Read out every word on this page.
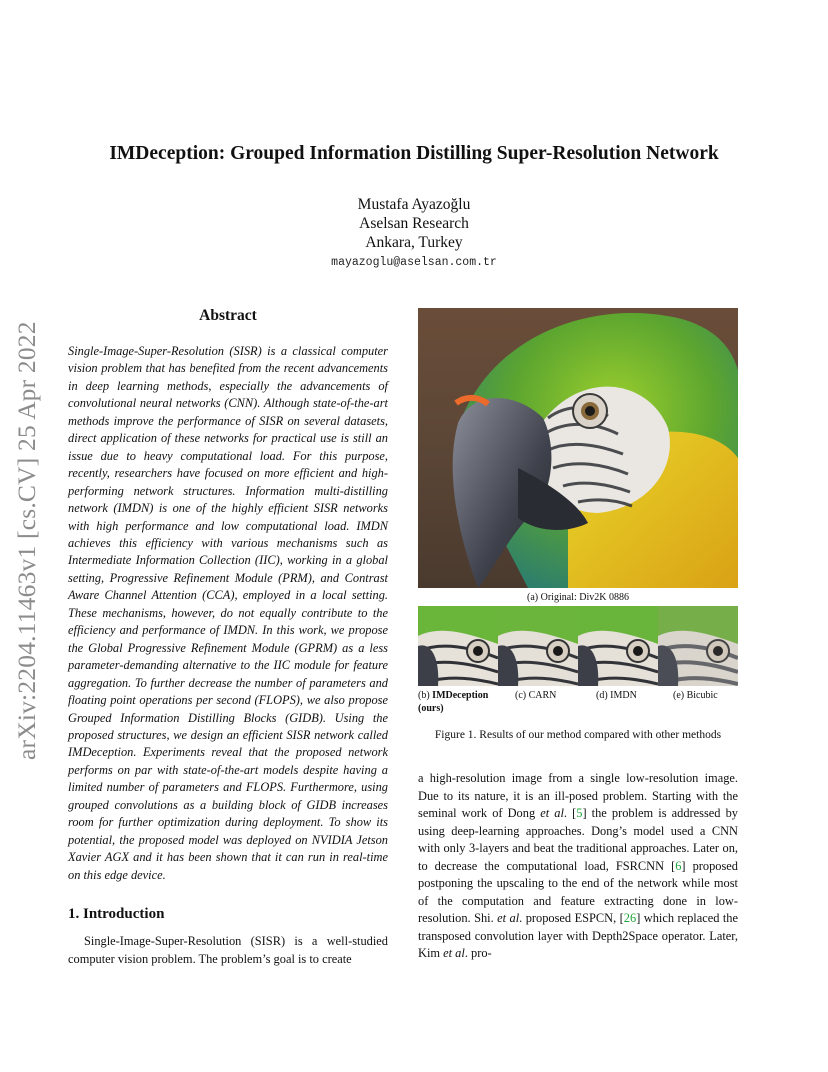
arXiv:2204.11463v1 [cs.CV] 25 Apr 2022
IMDeception: Grouped Information Distilling Super-Resolution Network
Mustafa Ayazoğlu
Aselsan Research
Ankara, Turkey
mayazoglu@aselsan.com.tr
Abstract
Single-Image-Super-Resolution (SISR) is a classical computer vision problem that has benefited from the recent advancements in deep learning methods, especially the advancements of convolutional neural networks (CNN). Although state-of-the-art methods improve the performance of SISR on several datasets, direct application of these networks for practical use is still an issue due to heavy computational load. For this purpose, recently, researchers have focused on more efficient and high-performing network structures. Information multi-distilling network (IMDN) is one of the highly efficient SISR networks with high performance and low computational load. IMDN achieves this efficiency with various mechanisms such as Intermediate Information Collection (IIC), working in a global setting, Progressive Refinement Module (PRM), and Contrast Aware Channel Attention (CCA), employed in a local setting. These mechanisms, however, do not equally contribute to the efficiency and performance of IMDN. In this work, we propose the Global Progressive Refinement Module (GPRM) as a less parameter-demanding alternative to the IIC module for feature aggregation. To further decrease the number of parameters and floating point operations per second (FLOPS), we also propose Grouped Information Distilling Blocks (GIDB). Using the proposed structures, we design an efficient SISR network called IMDeception. Experiments reveal that the proposed network performs on par with state-of-the-art models despite having a limited number of parameters and FLOPS. Furthermore, using grouped convolutions as a building block of GIDB increases room for further optimization during deployment. To show its potential, the proposed model was deployed on NVIDIA Jetson Xavier AGX and it has been shown that it can run in real-time on this edge device.
1. Introduction
Single-Image-Super-Resolution (SISR) is a well-studied computer vision problem. The problem’s goal is to create
(a) Original: Div2K 0886
(b) IMDeception
(ours)
(c) CARN	(d) IMDN	(e) Bicubic
Figure 1. Results of our method compared with other methods
a high-resolution image from a single low-resolution image. Due to its nature, it is an ill-posed problem. Starting with the seminal work of Dong et al. [5] the problem is addressed by using deep-learning approaches. Dong’s model used a CNN with only 3-layers and beat the traditional approaches. Later on, to decrease the computational load, FSRCNN [6] proposed postponing the upscaling to the end of the network while most of the computation and feature extracting done in low-resolution. Shi. et al. proposed ESPCN, [26] which replaced the transposed convolution layer with Depth2Space operator. Later, Kim et al. pro-
